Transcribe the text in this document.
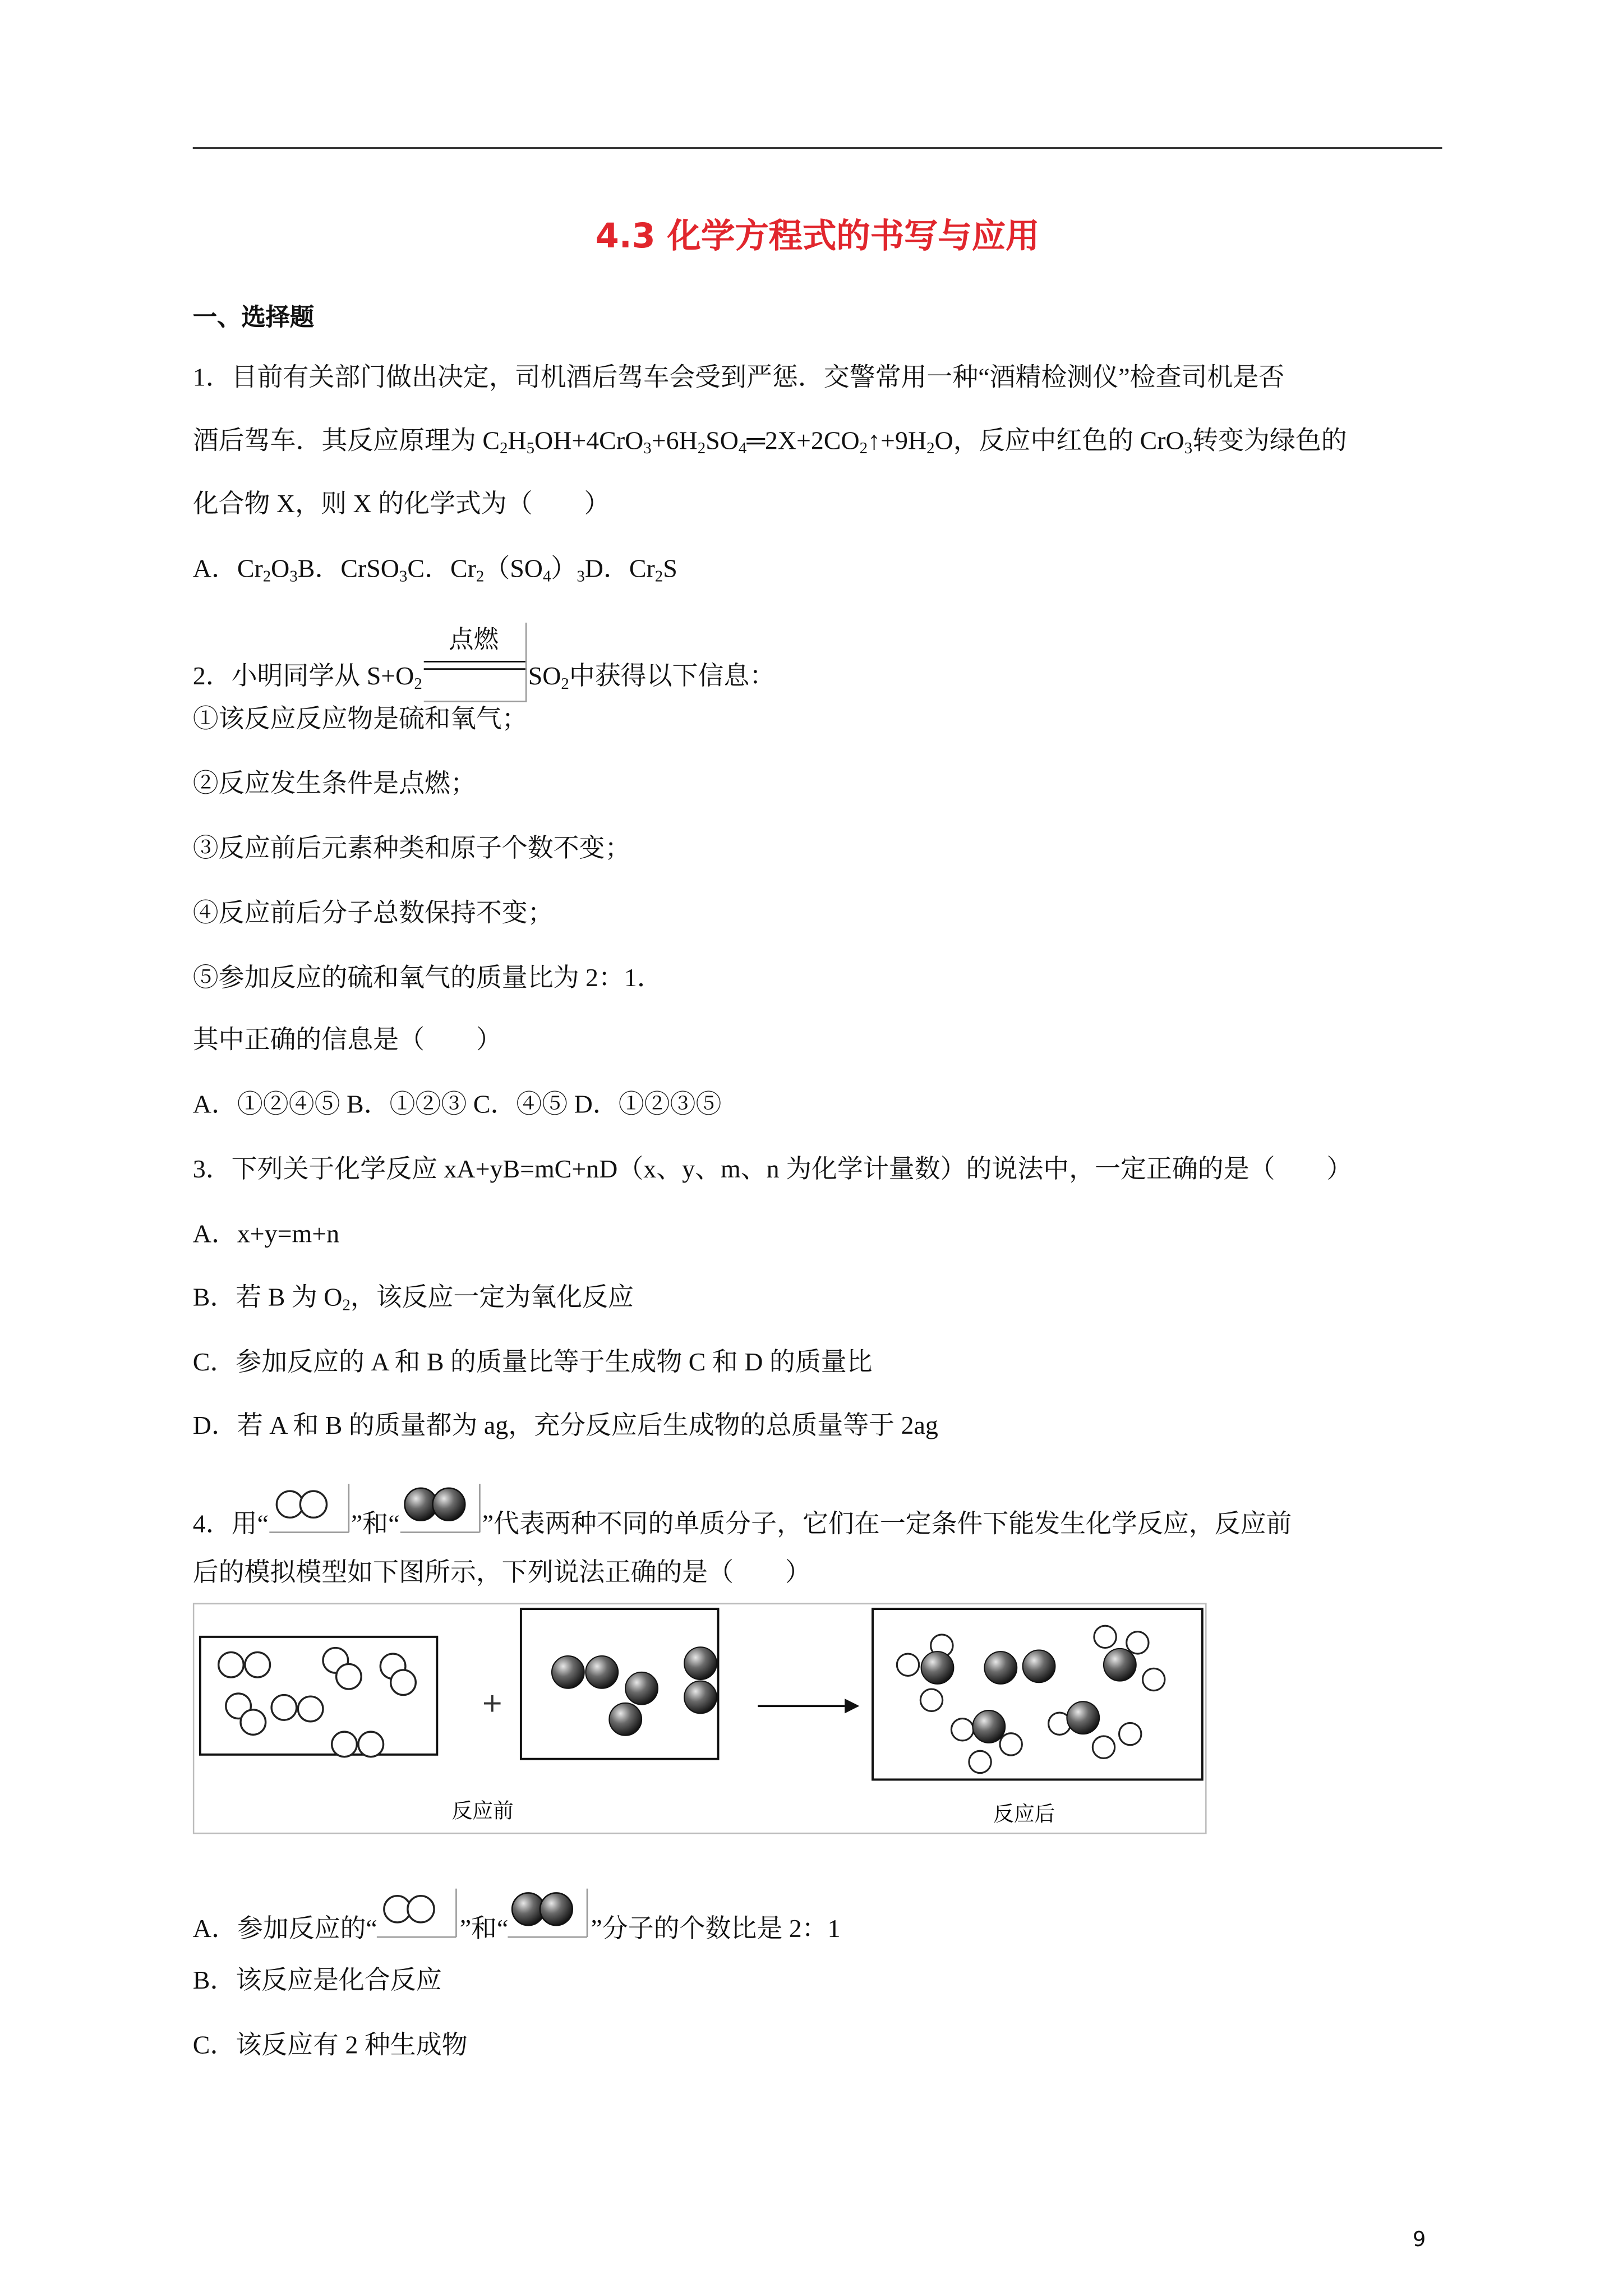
4.3 化学方程式的书写与应用
一、选择题
1．目前有关部门做出决定，司机酒后驾车会受到严惩．交警常用一种“酒精检测仪”检查司机是否
酒后驾车．其反应原理为 $C_2H_5OH+4CrO_3+6H_2SO_4═2X+2CO_2↑+9H_2O$，反应中红色的 CrO$_3$转变为绿色的
化合物 X，则 X 的化学式为（　　）
A．$Cr_2O_3B$．CrSO$_3$C．$Cr_2(SO_4)_3D$．$Cr_2S$
2．小明同学从 $S+O_2$
点燃
$SO_2$中获得以下信息：
①该反应反应物是硫和氧气；
②反应发生条件是点燃；
③反应前后元素种类和原子个数不变；
④反应前后分子总数保持不变；
⑤参加反应的硫和氧气的质量比为 2：1．
其中正确的信息是（　　）
A．①②④⑤ B．①②③ C．④⑤ D．①②③⑤
3．下列关于化学反应 xA+yB=mC+nD（x、y、m、n 为化学计量数）的说法中，一定正确的是（　　）
A．x+y=m+n
B．若 B 为 $O_2$，该反应一定为氧化反应
C．参加反应的 A 和 B 的质量比等于生成物 C 和 D 的质量比
D．若 A 和 B 的质量都为 ag，充分反应后生成物的总质量等于 2ag
4．用“	”和“	”代表两种不同的单质分子，它们在一定条件下能发生化学反应，反应前
后的模拟模型如下图所示，下列说法正确的是（　　）
+
反应前	反应后
A．参加反应的“	”和“	”分子的个数比是 2：1
B．该反应是化合反应
C．该反应有 2 种生成物
9
